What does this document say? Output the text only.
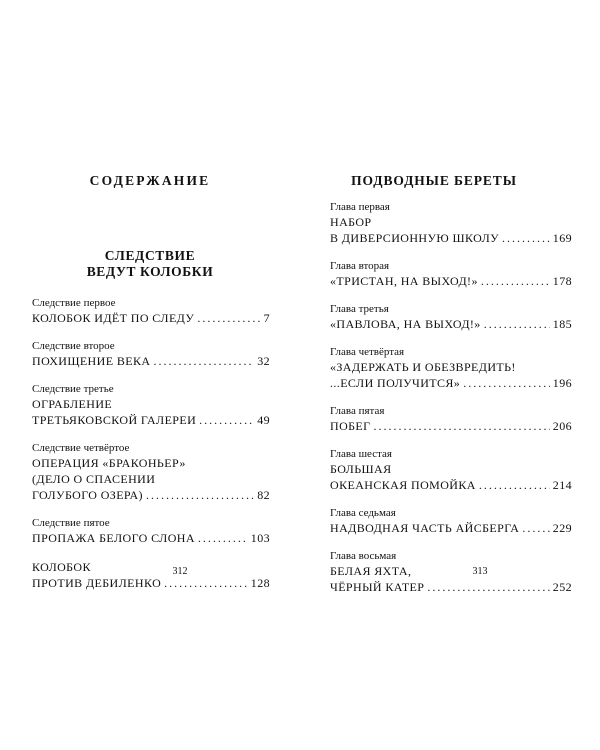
СОДЕРЖАНИЕ
СЛЕДСТВИЕ
ВЕДУТ КОЛОБКИ
Следствие первое
КОЛОБОК ИДЁТ ПО СЛЕДУ . . .	7
Следствие второе
ПОХИЩЕНИЕ ВЕКА . . .	32
Следствие третье
ОГРАБЛЕНИЕ
ТРЕТЬЯКОВСКОЙ ГАЛЕРЕИ . . .	49
Следствие четвёртое
ОПЕРАЦИЯ «БРАКОНЬЕР»
(ДЕЛО О СПАСЕНИИ
ГОЛУБОГО ОЗЕРА) . . .	82
Следствие пятое
ПРОПАЖА БЕЛОГО СЛОНА . . .	103
КОЛОБОК
ПРОТИВ ДЕБИЛЕНКО . . .	128
312
ПОДВОДНЫЕ БЕРЕТЫ
Глава первая
НАБОР
В ДИВЕРСИОННУЮ ШКОЛУ . . .	169
Глава вторая
«ТРИСТАН, НА ВЫХОД!» . . .	178
Глава третья
«ПАВЛОВА, НА ВЫХОД!» . . .	185
Глава четвёртая
«ЗАДЕРЖАТЬ И ОБЕЗВРЕДИТЬ!
...ЕСЛИ ПОЛУЧИТСЯ» . . .	196
Глава пятая
ПОБЕГ . . .	206
Глава шестая
БОЛЬШАЯ
ОКЕАНСКАЯ ПОМОЙКА . . .	214
Глава седьмая
НАДВОДНАЯ ЧАСТЬ АЙСБЕРГА . . .	229
Глава восьмая
БЕЛАЯ ЯХТА,
ЧЁРНЫЙ КАТЕР . . .	252
313
